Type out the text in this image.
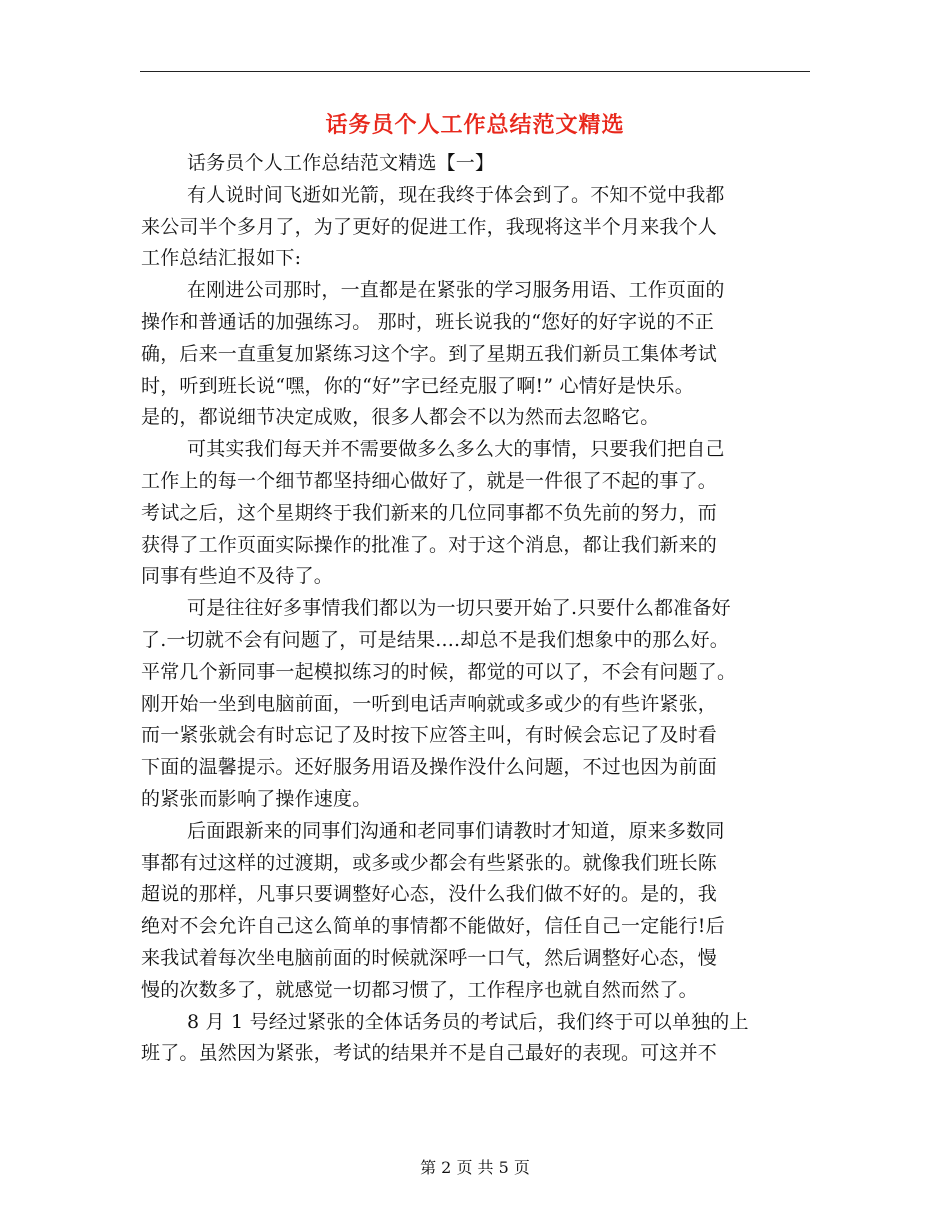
话务员个人工作总结范文精选
话务员个人工作总结范文精选【一】
有人说时间飞逝如光箭，现在我终于体会到了。不知不觉中我都
来公司半个多月了，为了更好的促进工作，我现将这半个月来我个人
工作总结汇报如下:
在刚进公司那时，一直都是在紧张的学习服务用语、工作页面的
操作和普通话的加强练习。 那时，班长说我的“您好的好字说的不正
确，后来一直重复加紧练习这个字。到了星期五我们新员工集体考试
时，听到班长说“嘿，你的“好”字已经克服了啊!” 心情好是快乐。
是的，都说细节决定成败，很多人都会不以为然而去忽略它。
可其实我们每天并不需要做多么多么大的事情，只要我们把自己
工作上的每一个细节都坚持细心做好了，就是一件很了不起的事了。
考试之后，这个星期终于我们新来的几位同事都不负先前的努力，而
获得了工作页面实际操作的批准了。对于这个消息，都让我们新来的
同事有些迫不及待了。
可是往往好多事情我们都以为一切只要开始了.只要什么都准备好
了.一切就不会有问题了，可是结果....却总不是我们想象中的那么好。
平常几个新同事一起模拟练习的时候，都觉的可以了，不会有问题了。
刚开始一坐到电脑前面，一听到电话声响就或多或少的有些许紧张，
而一紧张就会有时忘记了及时按下应答主叫，有时候会忘记了及时看
下面的温馨提示。还好服务用语及操作没什么问题，不过也因为前面
的紧张而影响了操作速度。
后面跟新来的同事们沟通和老同事们请教时才知道，原来多数同
事都有过这样的过渡期，或多或少都会有些紧张的。就像我们班长陈
超说的那样，凡事只要调整好心态，没什么我们做不好的。是的，我
绝对不会允许自己这么简单的事情都不能做好，信任自己一定能行!后
来我试着每次坐电脑前面的时候就深呼一口气，然后调整好心态，慢
慢的次数多了，就感觉一切都习惯了，工作程序也就自然而然了。
8 月 1 号经过紧张的全体话务员的考试后，我们终于可以单独的上
班了。虽然因为紧张，考试的结果并不是自己最好的表现。可这并不
第 2 页 共 5 页
